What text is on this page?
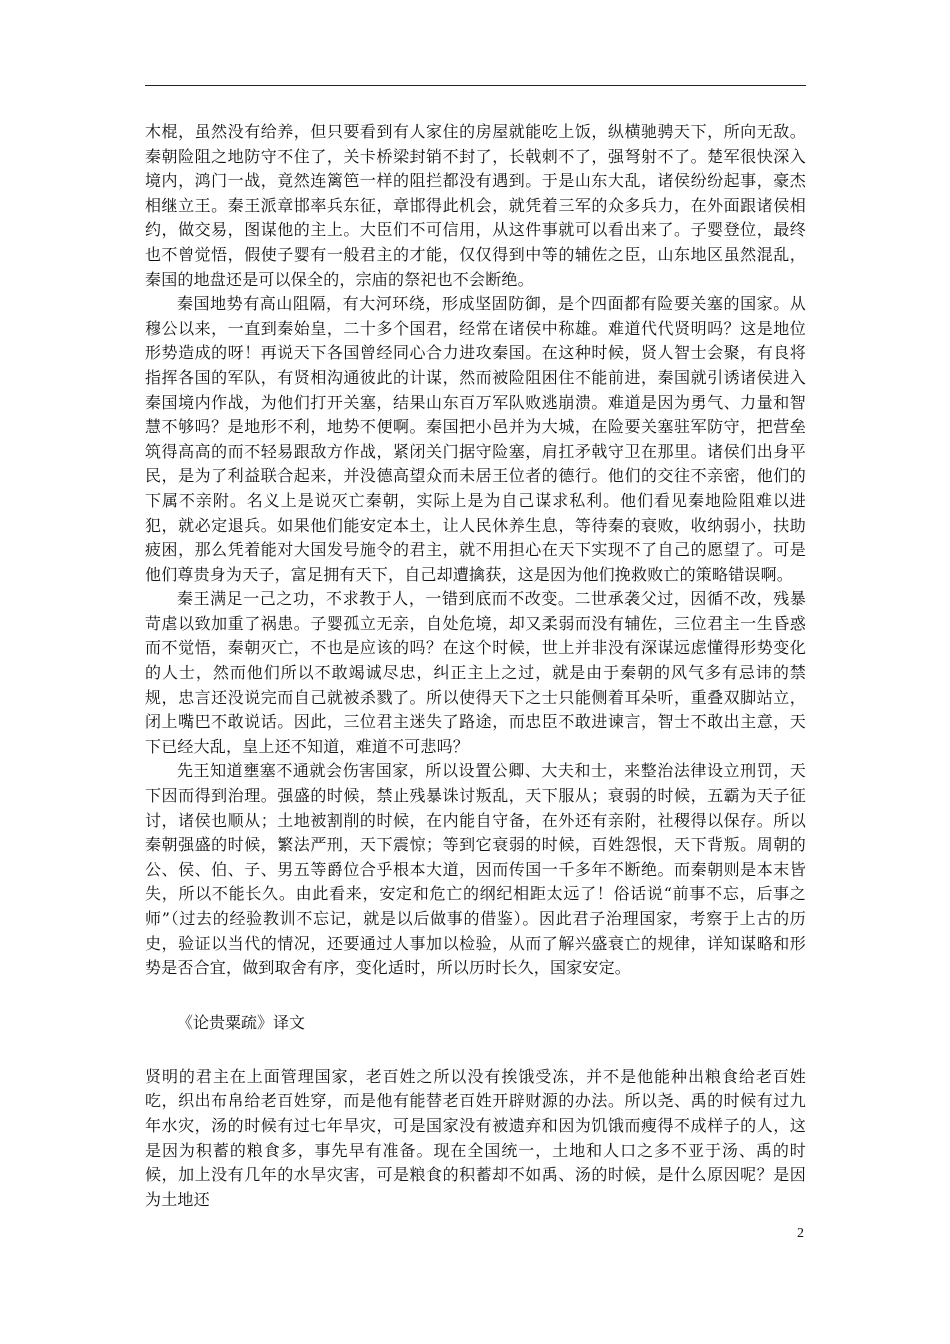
木棍，虽然没有给养，但只要看到有人家住的房屋就能吃上饭，纵横驰骋天下，所向无敌。秦朝险阻之地防守不住了，关卡桥梁封销不封了，长戟刺不了，强弩射不了。楚军很快深入境内，鸿门一战，竟然连篱笆一样的阻拦都没有遇到。于是山东大乱，诸侯纷纷起事，豪杰相继立王。秦王派章邯率兵东征，章邯得此机会，就凭着三军的众多兵力，在外面跟诸侯相约，做交易，图谋他的主上。大臣们不可信用，从这件事就可以看出来了。子婴登位，最终也不曾觉悟，假使子婴有一般君主的才能，仅仅得到中等的辅佐之臣，山东地区虽然混乱，秦国的地盘还是可以保全的，宗庙的祭祀也不会断绝。

秦国地势有高山阻隔，有大河环绕，形成坚固防御，是个四面都有险要关塞的国家。从穆公以来，一直到秦始皇，二十多个国君，经常在诸侯中称雄。难道代代贤明吗？这是地位形势造成的呀！再说天下各国曾经同心合力进攻秦国。在这种时候，贤人智士会聚，有良将指挥各国的军队，有贤相沟通彼此的计谋，然而被险阻困住不能前进，秦国就引诱诸侯进入秦国境内作战，为他们打开关塞，结果山东百万军队败逃崩溃。难道是因为勇气、力量和智慧不够吗？是地形不利，地势不便啊。秦国把小邑并为大城，在险要关塞驻军防守，把营垒筑得高高的而不轻易跟敌方作战，紧闭关门据守险塞，肩扛矛戟守卫在那里。诸侯们出身平民，是为了利益联合起来，并没德高望众而未居王位者的德行。他们的交往不亲密，他们的下属不亲附。名义上是说灭亡秦朝，实际上是为自己谋求私利。他们看见秦地险阻难以进犯，就必定退兵。如果他们能安定本土，让人民休养生息，等待秦的衰败，收纳弱小，扶助疲困，那么凭着能对大国发号施令的君主，就不用担心在天下实现不了自己的愿望了。可是他们尊贵身为天子，富足拥有天下，自己却遭擒获，这是因为他们挽救败亡的策略错误啊。

秦王满足一己之功，不求教于人，一错到底而不改变。二世承袭父过，因循不改，残暴苛虐以致加重了祸患。子婴孤立无亲，自处危境，却又柔弱而没有辅佐，三位君主一生昏惑而不觉悟，秦朝灭亡，不也是应该的吗？在这个时候，世上并非没有深谋远虑懂得形势变化的人士，然而他们所以不敢竭诚尽忠，纠正主上之过，就是由于秦朝的风气多有忌讳的禁规，忠言还没说完而自己就被杀戮了。所以使得天下之士只能侧着耳朵听，重叠双脚站立，闭上嘴巴不敢说话。因此，三位君主迷失了路途，而忠臣不敢进谏言，智士不敢出主意，天下已经大乱，皇上还不知道，难道不可悲吗？

先王知道壅塞不通就会伤害国家，所以设置公卿、大夫和士，来整治法律设立刑罚，天下因而得到治理。强盛的时候，禁止残暴诛讨叛乱，天下服从；衰弱的时候，五霸为天子征讨，诸侯也顺从；土地被割削的时候，在内能自守备，在外还有亲附，社稷得以保存。所以秦朝强盛的时候，繁法严刑，天下震惊；等到它衰弱的时候，百姓怨恨，天下背叛。周朝的公、侯、伯、子、男五等爵位合乎根本大道，因而传国一千多年不断绝。而秦朝则是本末皆失，所以不能长久。由此看来，安定和危亡的纲纪相距太远了！俗话说“前事不忘，后事之师”（过去的经验教训不忘记，就是以后做事的借鉴）。因此君子治理国家，考察于上古的历史，验证以当代的情况，还要通过人事加以检验，从而了解兴盛衰亡的规律，详知谋略和形势是否合宜，做到取舍有序，变化适时，所以历时长久，国家安定。

《论贵粟疏》译文

贤明的君主在上面管理国家，老百姓之所以没有挨饿受冻，并不是他能种出粮食给老百姓吃，织出布帛给老百姓穿，而是他有能替老百姓开辟财源的办法。所以尧、禹的时候有过九年水灾，汤的时候有过七年旱灾，可是国家没有被遗弃和因为饥饿而瘦得不成样子的人，这是因为积蓄的粮食多，事先早有准备。现在全国统一，土地和人口之多不亚于汤、禹的时候，加上没有几年的水旱灾害，可是粮食的积蓄却不如禹、汤的时候，是什么原因呢？是因为土地还

2
